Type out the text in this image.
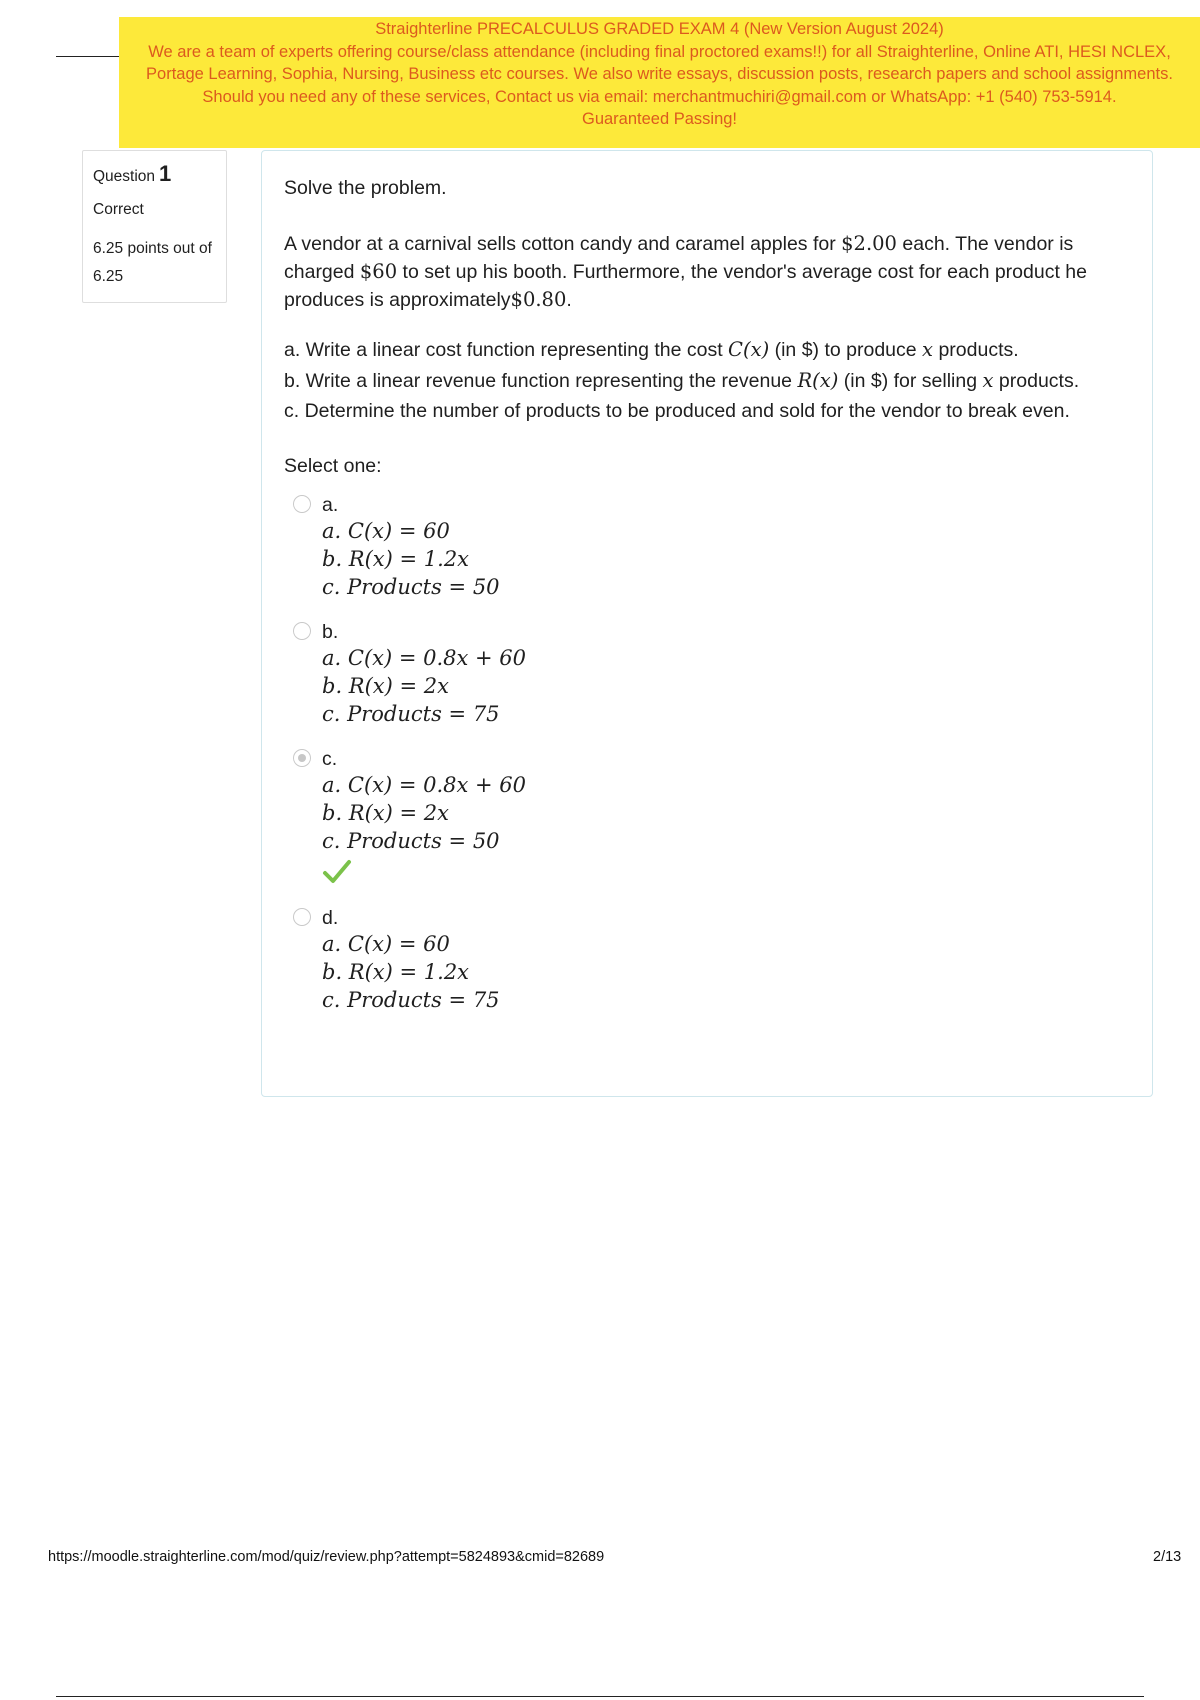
Straighterline PRECALCULUS GRADED EXAM 4 (New Version August 2024)
We are a team of experts offering course/class attendance (including final proctored exams!!) for all Straighterline, Online ATI, HESI NCLEX, Portage Learning, Sophia, Nursing, Business etc courses. We also write essays, discussion posts, research papers and school assignments. Should you need any of these services, Contact us via email: merchantmuchiri@gmail.com or WhatsApp: +1 (540) 753-5914.
Guaranteed Passing!
Question 1
Correct
6.25 points out of 6.25

Solve the problem.

A vendor at a carnival sells cotton candy and caramel apples for $2.00 each. The vendor is charged $60 to set up his booth. Furthermore, the vendor's average cost for each product he produces is approximately$0.80.

a. Write a linear cost function representing the cost C(x) (in $) to produce x products.

b. Write a linear revenue function representing the revenue R(x) (in $) for selling x products.

c. Determine the number of products to be produced and sold for the vendor to break even.

Select one:

a.
a. C(x) = 60
b. R(x) = 1.2x
c. Products = 50
b.
a. C(x) = 0.8x + 60
b. R(x) = 2x
c. Products = 75
c.
a. C(x) = 0.8x + 60
b. R(x) = 2x
c. Products = 50
d.
a. C(x) = 60
b. R(x) = 1.2x
c. Products = 75
https://moodle.straighterline.com/mod/quiz/review.php?attempt=5824893&cmid=82689	2/13
